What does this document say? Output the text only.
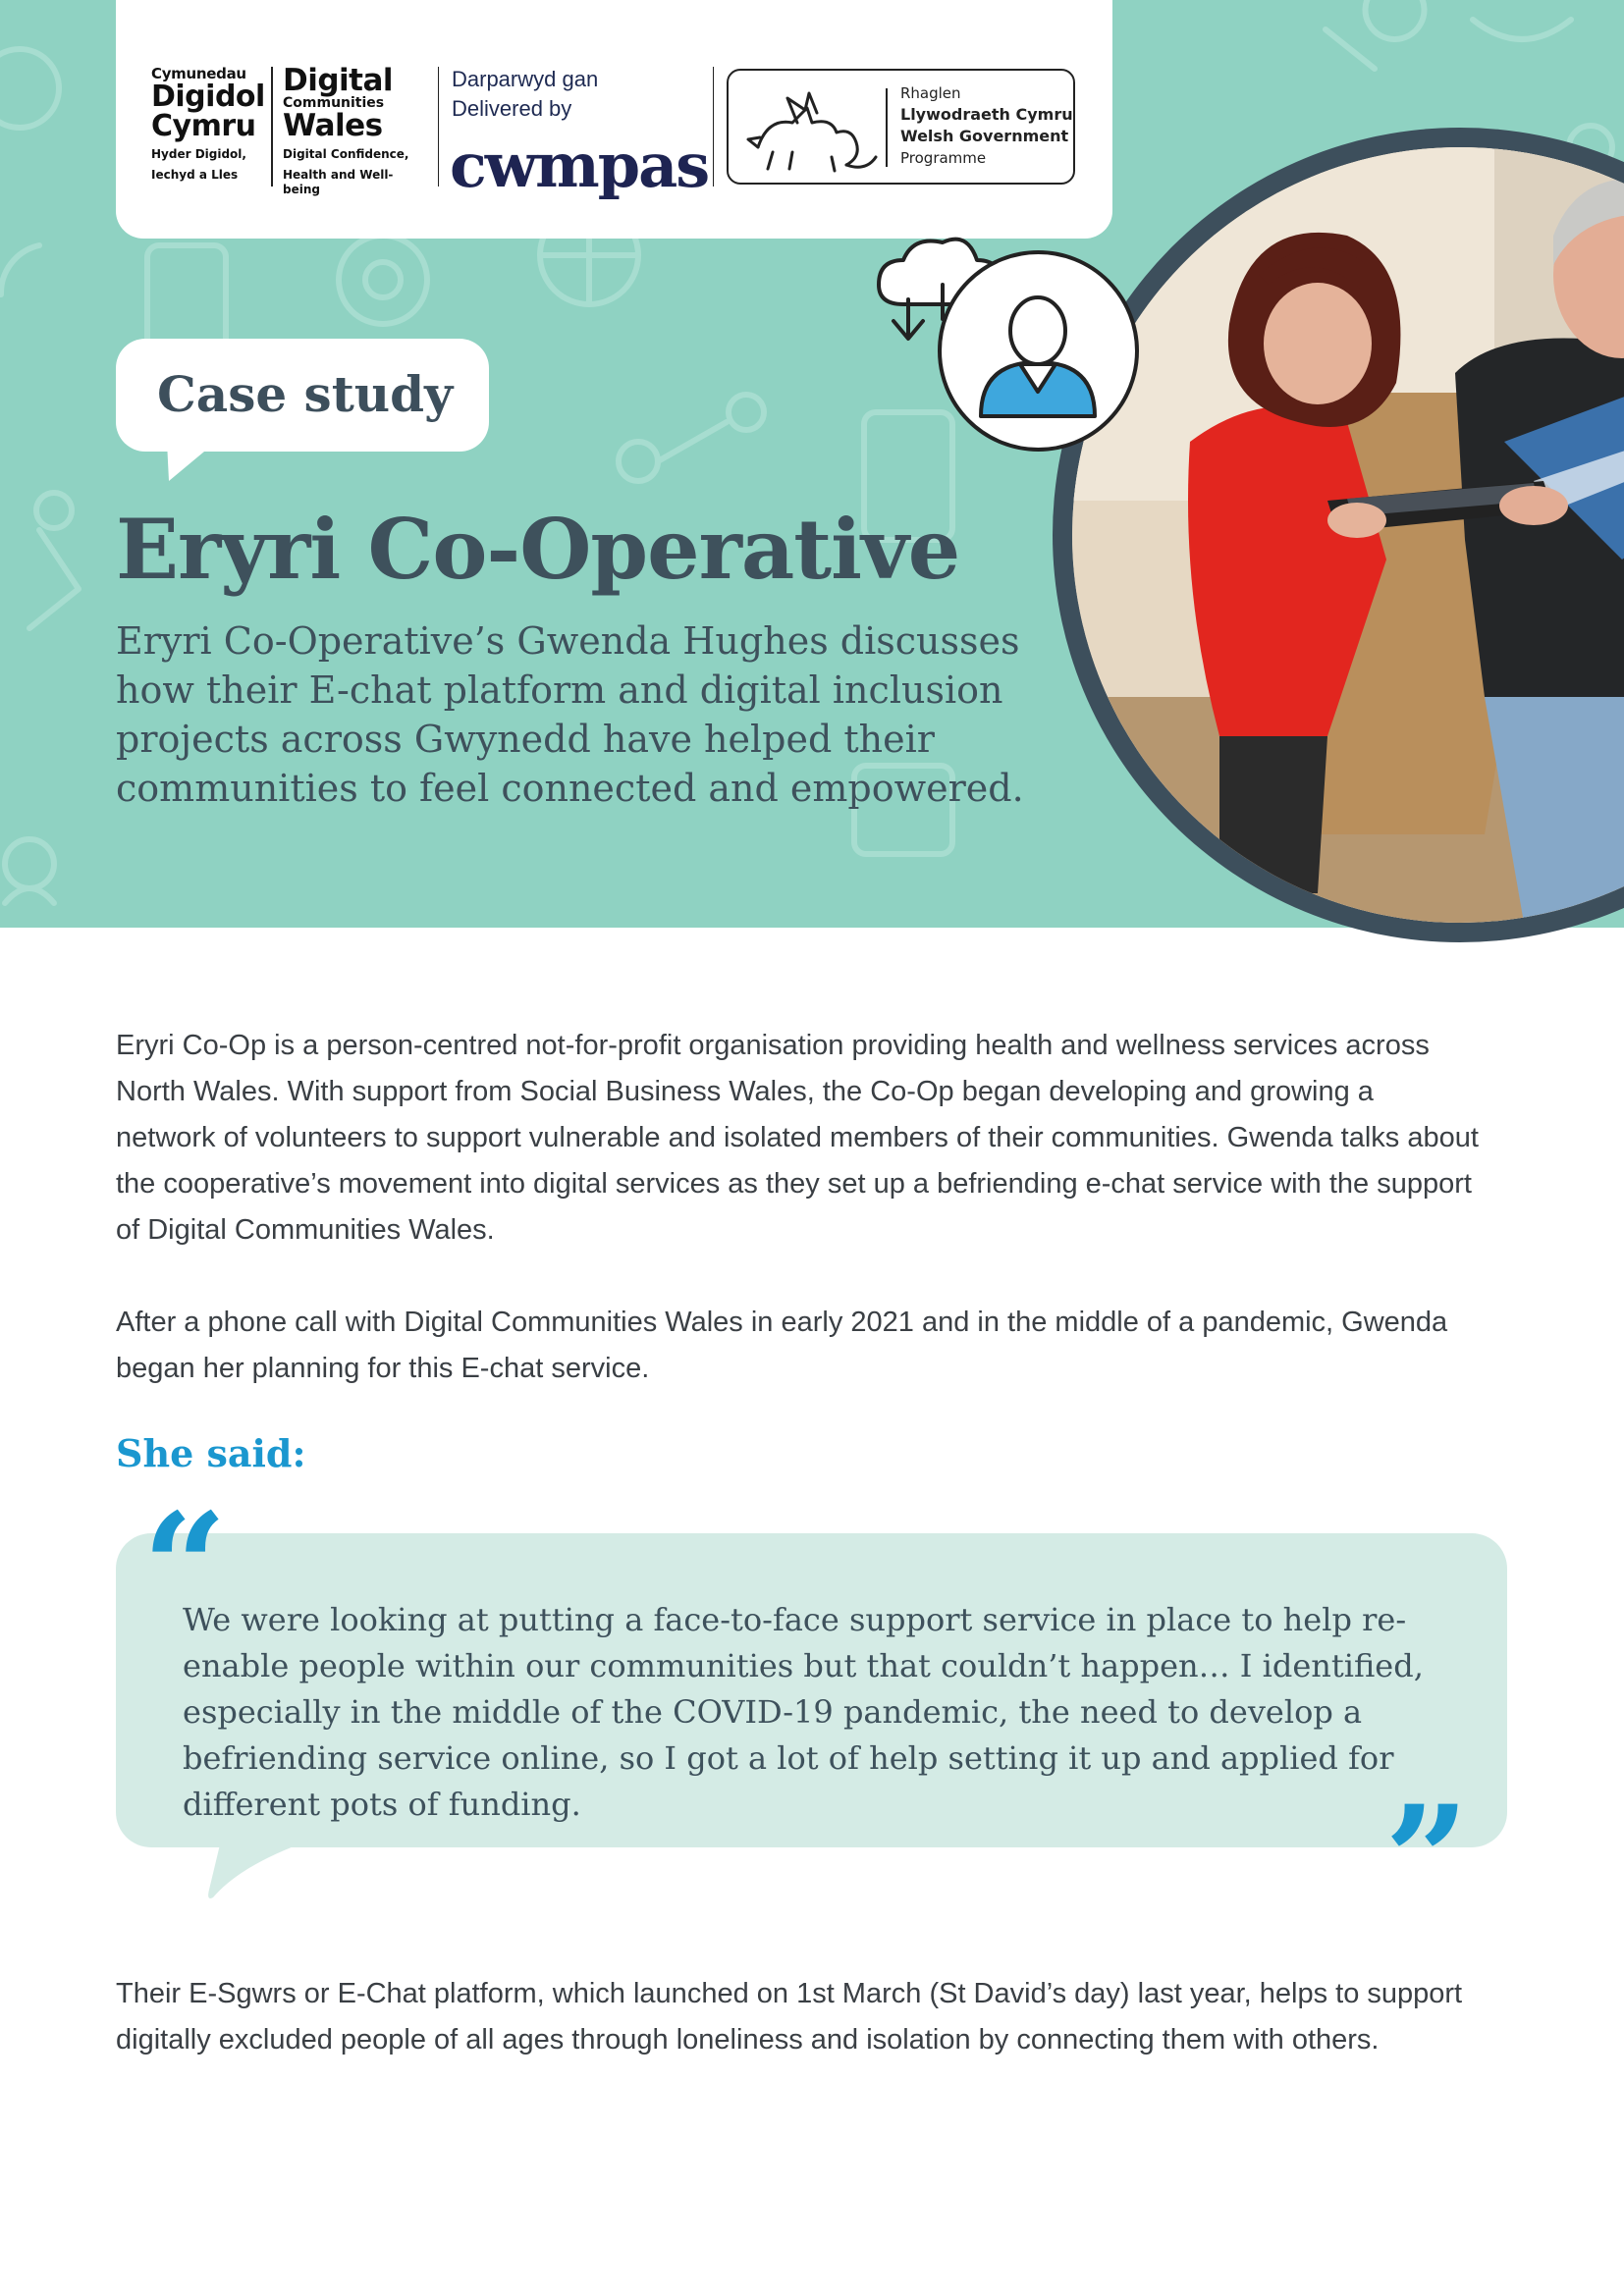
Cymunedau
Digidol
Cymru
Hyder Digidol,
Iechyd a Lles
Digital
Communities
Wales
Digital Confidence,
Health and Well-being
Darparwyd gan
Delivered by
cwmpas
Rhaglen
Llywodraeth Cymru
Welsh Government
Programme
Case study
Eryri Co-Operative

Eryri Co-Operative’s Gwenda Hughes discusses how their E-chat platform and digital inclusion projects across Gwynedd have helped their communities to feel connected and empowered.

Eryri Co-Op is a person-centred not-for-profit organisation providing health and wellness services across North Wales. With support from Social Business Wales, the Co-Op began developing and growing a network of volunteers to support vulnerable and isolated members of their communities. Gwenda talks about the cooperative’s movement into digital services as they set up a befriending e-chat service with the support of Digital Communities Wales.

After a phone call with Digital Communities Wales in early 2021 and in the middle of a pandemic, Gwenda began her planning for this E-chat service.

She said:
“
”

We were looking at putting a face-to-face support service in place to help re-enable people within our communities but that couldn’t happen… I identified, especially in the middle of the COVID-19 pandemic, the need to develop a befriending service online, so I got a lot of help setting it up and applied for different pots of funding.

Their E-Sgwrs or E-Chat platform, which launched on 1st March (St David’s day) last year, helps to support digitally excluded people of all ages through loneliness and isolation by connecting them with others.
